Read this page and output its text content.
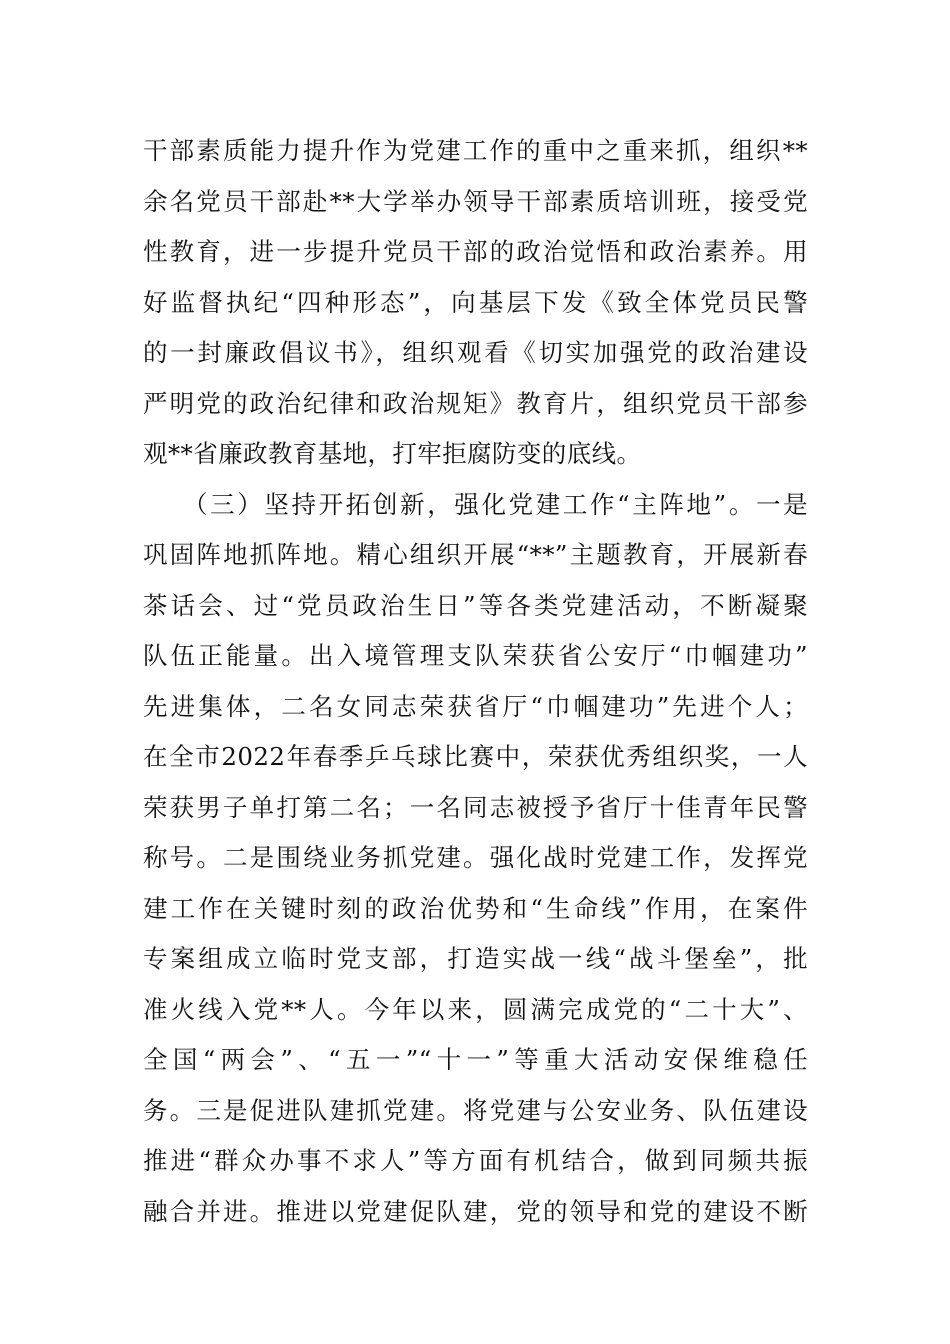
干部素质能力提升作为党建工作的重中之重来抓，组织**
余名党员干部赴**大学举办领导干部素质培训班，接受党
性教育，进一步提升党员干部的政治觉悟和政治素养。用
好监督执纪“四种形态”，向基层下发《致全体党员民警
的一封廉政倡议书》，组织观看《切实加强党的政治建设
严明党的政治纪律和政治规矩》教育片，组织党员干部参
观**省廉政教育基地，打牢拒腐防变的底线。
（三）坚持开拓创新，强化党建工作“主阵地”。一是
巩固阵地抓阵地。精心组织开展“**”主题教育，开展新春
茶话会、过“党员政治生日”等各类党建活动，不断凝聚
队伍正能量。出入境管理支队荣获省公安厅“巾帼建功”
先进集体，二名女同志荣获省厅“巾帼建功”先进个人；
在全市2022年春季乒乓球比赛中，荣获优秀组织奖，一人
荣获男子单打第二名；一名同志被授予省厅十佳青年民警
称号。二是围绕业务抓党建。强化战时党建工作，发挥党
建工作在关键时刻的政治优势和“生命线”作用，在案件
专案组成立临时党支部，打造实战一线“战斗堡垒”，批
准火线入党**人。今年以来，圆满完成党的“二十大”、
全国“两会”、“五一”“十一”等重大活动安保维稳任
务。三是促进队建抓党建。将党建与公安业务、队伍建设
推进“群众办事不求人”等方面有机结合，做到同频共振
融合并进。推进以党建促队建，党的领导和党的建设不断
